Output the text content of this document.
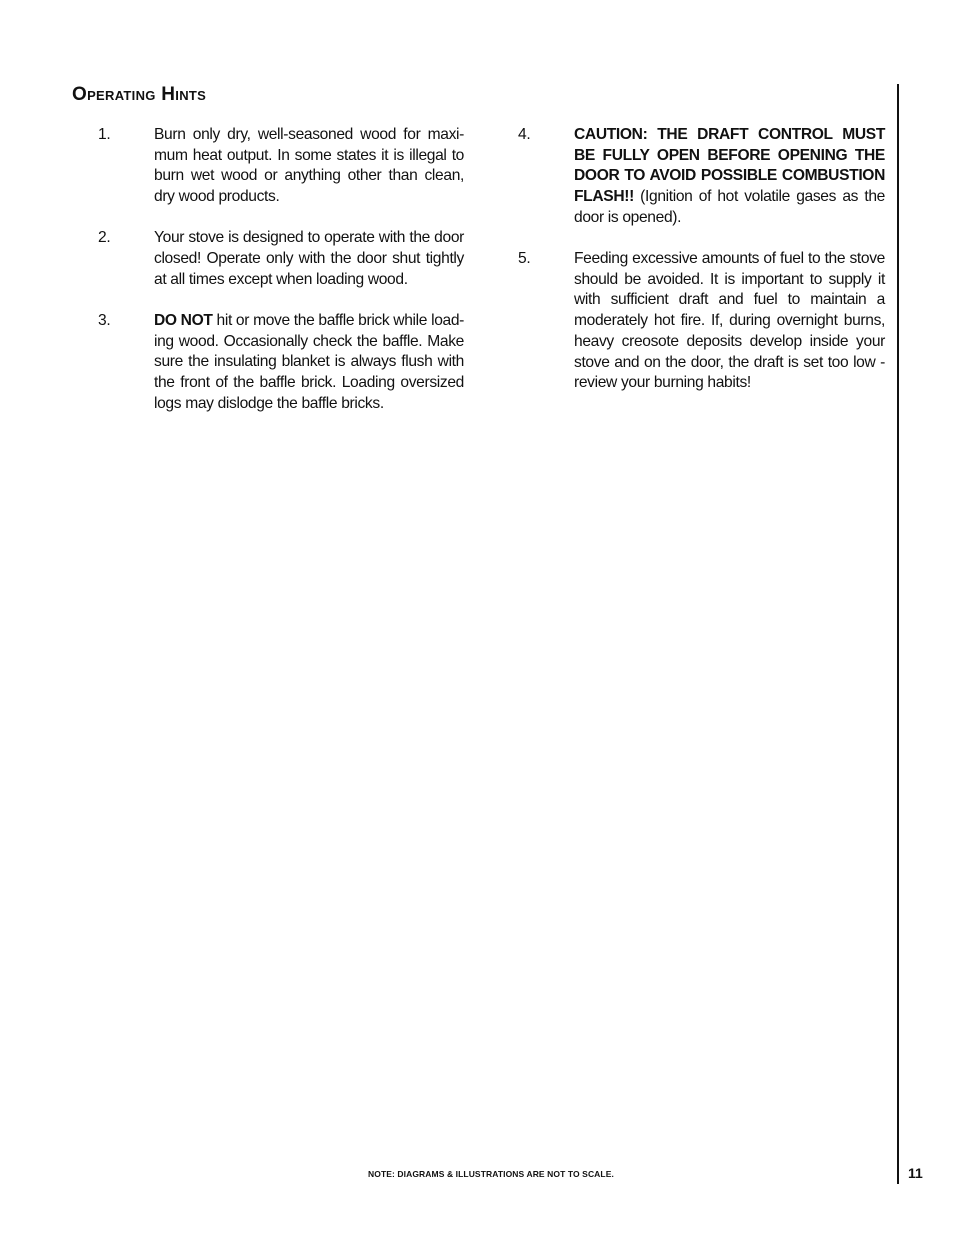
Operating Hints
1.	Burn only dry, well-seasoned wood for maxi-mum heat output. In some states it is illegal to burn wet wood or anything other than clean, dry wood products.
2.	Your stove is designed to operate with the door closed! Operate only with the door shut tightly at all times except when loading wood.
3.	DO NOT hit or move the baffle brick while load-ing wood. Occasionally check the baffle. Make sure the insulating blanket is always flush with the front of the baffle brick. Loading oversized logs may dislodge the baffle bricks.
4.	CAUTION: THE DRAFT CONTROL MUST BE FULLY OPEN BEFORE OPENING THE DOOR TO AVOID POSSIBLE COMBUSTION FLASH!! (Ignition of hot volatile gases as the door is opened).
5.	Feeding excessive amounts of fuel to the stove should be avoided. It is important to supply it with sufficient draft and fuel to maintain a moderately hot fire. If, during overnight burns, heavy creosote deposits develop inside your stove and on the door, the draft is set too low - review your burning habits!
NOTE: DIAGRAMS & ILLUSTRATIONS ARE NOT TO SCALE.	11
